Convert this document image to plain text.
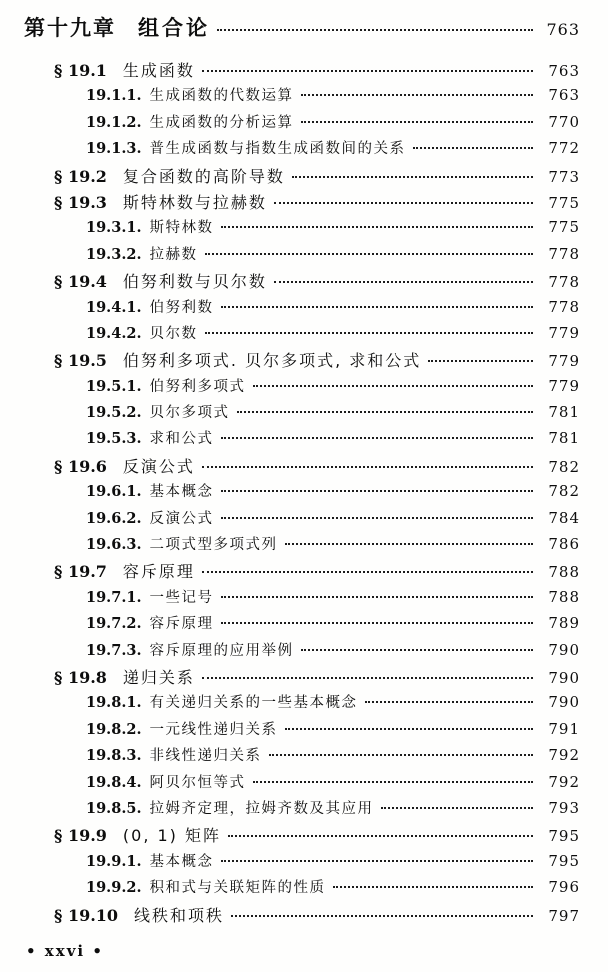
第十九章 组合论	763
§ 19.1 生成函数	763
19.1.1. 生成函数的代数运算	763
19.1.2. 生成函数的分析运算	770
19.1.3. 普生成函数与指数生成函数间的关系	772
§ 19.2 复合函数的高阶导数	773
§ 19.3 斯特林数与拉赫数	775
19.3.1. 斯特林数	775
19.3.2. 拉赫数	778
§ 19.4 伯努利数与贝尔数	778
19.4.1. 伯努利数	778
19.4.2. 贝尔数	779
§ 19.5 伯努利多项式. 贝尔多项式, 求和公式	779
19.5.1. 伯努利多项式	779
19.5.2. 贝尔多项式	781
19.5.3. 求和公式	781
§ 19.6 反演公式	782
19.6.1. 基本概念	782
19.6.2. 反演公式	784
19.6.3. 二项式型多项式列	786
§ 19.7 容斥原理	788
19.7.1. 一些记号	788
19.7.2. 容斥原理	789
19.7.3. 容斥原理的应用举例	790
§ 19.8 递归关系	790
19.8.1. 有关递归关系的一些基本概念	790
19.8.2. 一元线性递归关系	791
19.8.3. 非线性递归关系	792
19.8.4. 阿贝尔恒等式	792
19.8.5. 拉姆齐定理，拉姆齐数及其应用	793
§ 19.9 (0, 1) 矩阵	795
19.9.1. 基本概念	795
19.9.2. 积和式与关联矩阵的性质	796
§ 19.10 线秩和项秩	797
• xxvi •
